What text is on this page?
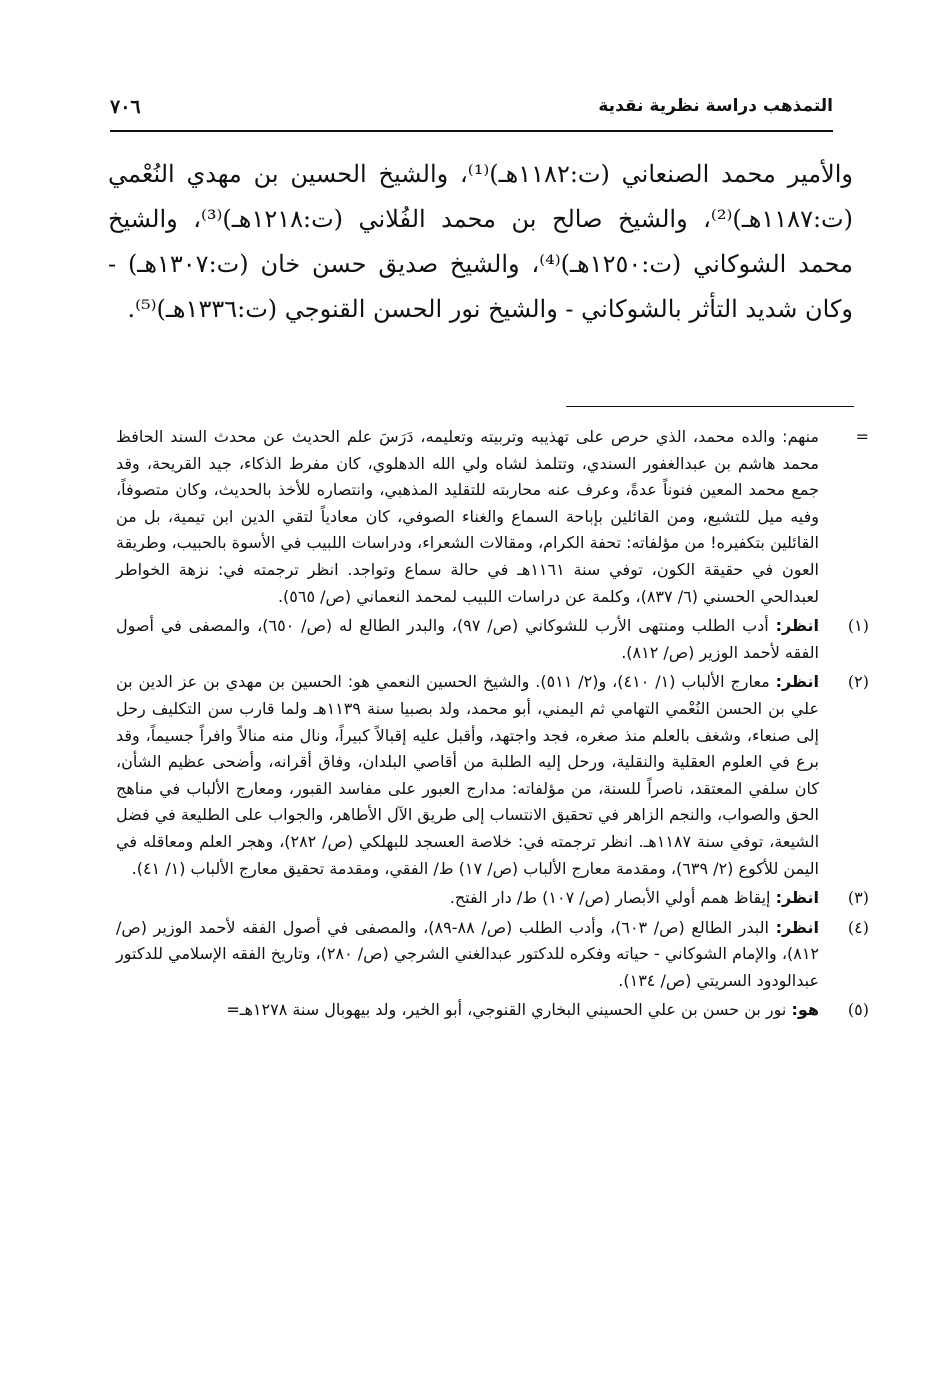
٧٠٦	التمذهب دراسة نظرية نقدية

والأمير محمد الصنعاني (ت:١١٨٢هـ)⁽¹⁾، والشيخ الحسين بن مهدي النُعْمي (ت:١١٨٧هـ)⁽²⁾، والشيخ صالح بن محمد الفُلاني (ت:١٢١٨هـ)⁽³⁾، والشيخ محمد الشوكاني (ت:١٢٥٠هـ)⁽⁴⁾، والشيخ صديق حسن خان (ت:١٣٠٧هـ) - وكان شديد التأثر بالشوكاني - والشيخ نور الحسن القنوجي (ت:١٣٣٦هـ)⁽⁵⁾.

=
منهم: والده محمد، الذي حرص على تهذيبه وتربيته وتعليمه، دَرَسَ علم الحديث عن محدث السند الحافظ محمد هاشم بن عبدالغفور السندي، وتتلمذ لشاه ولي الله الدهلوي، كان مفرط الذكاء، جيد القريحة، وقد جمع محمد المعين فنوناً عدةً، وعرف عنه محاربته للتقليد المذهبي، وانتصاره للأخذ بالحديث، وكان متصوفاً، وفيه ميل للتشيع، ومن القائلين بإباحة السماع والغناء الصوفي، كان معادياً لتقي الدين ابن تيمية، بل من القائلين بتكفيره! من مؤلفاته: تحفة الكرام، ومقالات الشعراء، ودراسات اللبيب في الأسوة بالحبيب، وطريقة العون في حقيقة الكون، توفي سنة ١١٦١هـ في حالة سماع وتواجد. انظر ترجمته في: نزهة الخواطر لعبدالحي الحسني (٦/ ٨٣٧)، وكلمة عن دراسات اللبيب لمحمد النعماني (ص/ ٥٦٥).
(١)
انظر: أدب الطلب ومنتهى الأرب للشوكاني (ص/ ٩٧)، والبدر الطالع له (ص/ ٦٥٠)، والمصفى في أصول الفقه لأحمد الوزير (ص/ ٨١٢).
(٢)
انظر: معارج الألباب (١/ ٤١٠)، و(٢/ ٥١١). والشيخ الحسين النعمي هو: الحسين بن مهدي بن عز الدين بن علي بن الحسن النُعْمي التهامي ثم اليمني، أبو محمد، ولد بصبيا سنة ١١٣٩هـ ولما قارب سن التكليف رحل إلى صنعاء، وشغف بالعلم منذ صغره، فجد واجتهد، وأقبل عليه إقبالاً كبيراً، ونال منه منالاً وافراً جسيماً، وقد برع في العلوم العقلية والنقلية، ورحل إليه الطلبة من أقاصي البلدان، وفاق أقرانه، وأضحى عظيم الشأن، كان سلفي المعتقد، ناصراً للسنة، من مؤلفاته: مدارج العبور على مفاسد القبور، ومعارج الألباب في مناهج الحق والصواب، والنجم الزاهر في تحقيق الانتساب إلى طريق الآل الأطاهر، والجواب على الطليعة في فضل الشيعة، توفي سنة ١١٨٧هـ. انظر ترجمته في: خلاصة العسجد للبهلكي (ص/ ٢٨٢)، وهجر العلم ومعاقله في اليمن للأكوع (٢/ ٦٣٩)، ومقدمة معارج الألباب (ص/ ١٧) ط/ الفقي، ومقدمة تحقيق معارج الألباب (١/ ٤١).
(٣)
انظر: إيقاظ همم أولي الأبصار (ص/ ١٠٧) ط/ دار الفتح.
(٤)
انظر: البدر الطالع (ص/ ٦٠٣)، وأدب الطلب (ص/ ٨٨-٨٩)، والمصفى في أصول الفقه لأحمد الوزير (ص/ ٨١٢)، والإمام الشوكاني - حياته وفكره للدكتور عبدالغني الشرجي (ص/ ٢٨٠)، وتاريخ الفقه الإسلامي للدكتور عبدالودود السريتي (ص/ ١٣٤).
(٥)
هو: نور بن حسن بن علي الحسيني البخاري القنوجي، أبو الخير، ولد بيهوبال سنة ١٢٧٨هـ=
